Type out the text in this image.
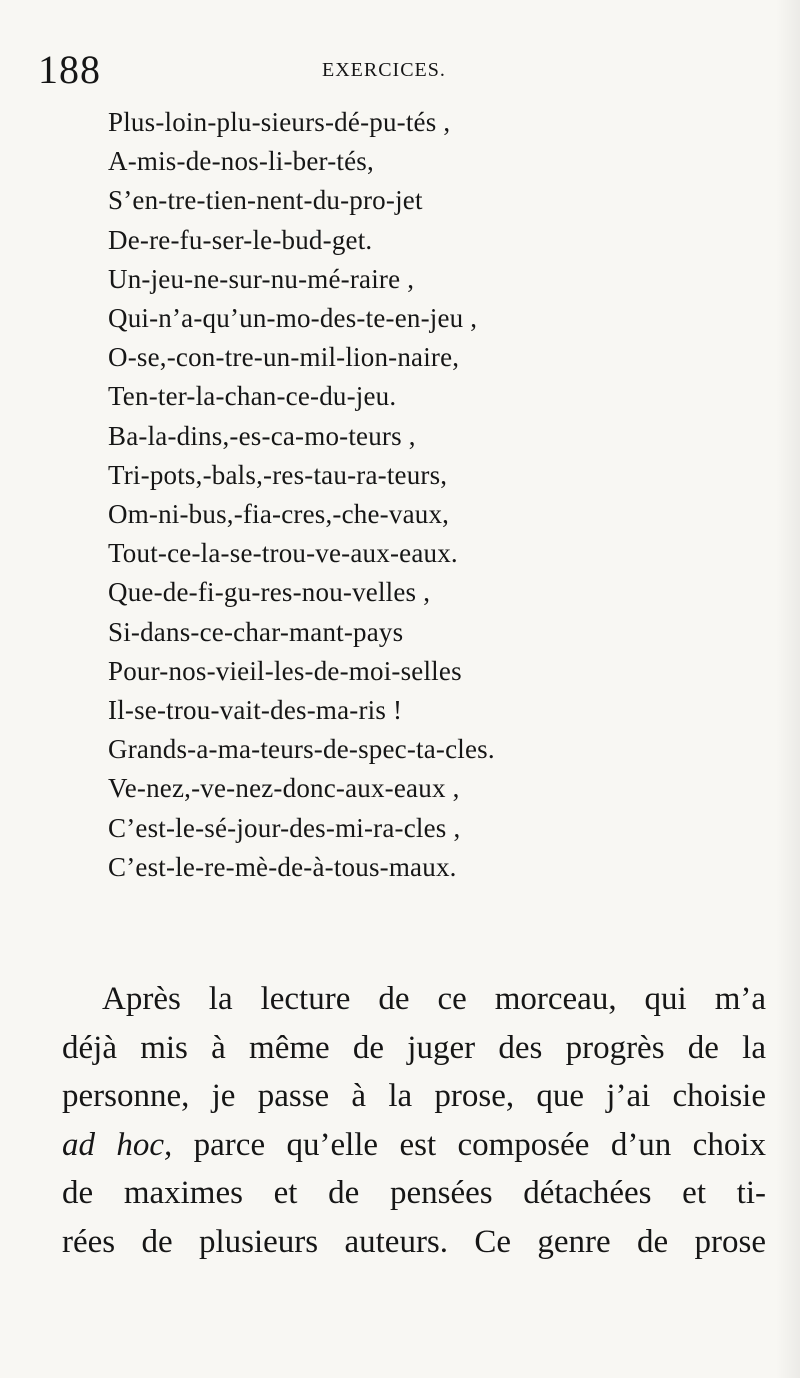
188	EXERCICES.
Plus-loin-plu-sieurs-dé-pu-tés ,
A-mis-de-nos-li-ber-tés,
S’en-tre-tien-nent-du-pro-jet
De-re-fu-ser-le-bud-get.
Un-jeu-ne-sur-nu-mé-raire ,
Qui-n’a-qu’un-mo-des-te-en-jeu ,
O-se,-con-tre-un-mil-lion-naire,
Ten-ter-la-chan-ce-du-jeu.
Ba-la-dins,-es-ca-mo-teurs ,
Tri-pots,-bals,-res-tau-ra-teurs,
Om-ni-bus,-fia-cres,-che-vaux,
Tout-ce-la-se-trou-ve-aux-eaux.
Que-de-fi-gu-res-nou-velles ,
Si-dans-ce-char-mant-pays
Pour-nos-vieil-les-de-moi-selles
Il-se-trou-vait-des-ma-ris !
Grands-a-ma-teurs-de-spec-ta-cles.
Ve-nez,-ve-nez-donc-aux-eaux ,
C’est-le-sé-jour-des-mi-ra-cles ,
C’est-le-re-mè-de-à-tous-maux.
Après la lecture de ce morceau, qui m’a
déjà mis à même de juger des progrès de la
personne, je passe à la prose, que j’ai choisie
ad hoc, parce qu’elle est composée d’un choix
de maximes et de pensées détachées et ti-
rées de plusieurs auteurs. Ce genre de prose
